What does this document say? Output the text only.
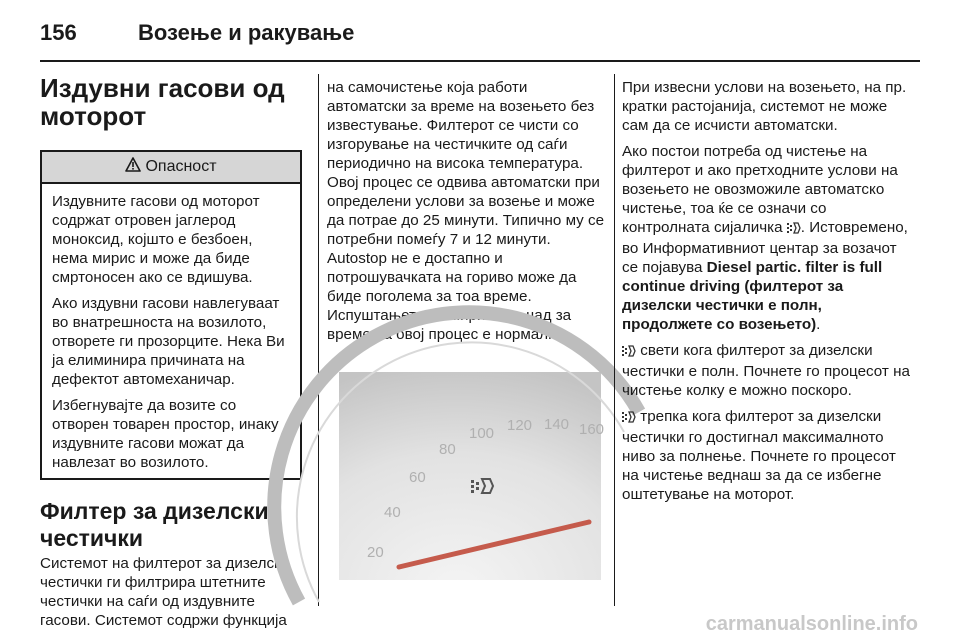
156	Возење и ракување
Издувни гасови од
моторот
Опасност

Издувните гасови од моторот содржат отровен јаглерод моноксид, којшто е безбоен, нема мирис и може да биде смртоносен ако се вдишува.

Ако издувни гасови навлегуваат во внатрешноста на возилото, отворете ги прозорците. Нека Ви ја елиминира причината на дефектот автомеханичар.

Избегнувајте да возите со отворен товарен простор, инаку издувните гасови можат да навлезат во возилото.

Филтер за дизелски
честички

Системот на филтерот за дизелски честички ги филтрира штетните честички на саѓи од издувните гасови. Системот содржи функција

на самочистење која работи автоматски за време на возењето без известување. Филтерот се чисти со изгорување на честичките од саѓи периодично на висока температура. Овој процес се одвива автоматски при определени услови за возење и може да потрае до 25 минути. Типично му се потребни помеѓу 7 и 12 минути. Autostop не е достапно и потрошувачката на гориво може да биде поголема за тоа време. Испуштањето на миризби и чад за време на овој процес е нормално.

20
40
60
80
100 120 140 160

При извесни услови на возењето, на пр. кратки растојанија, системот не може сам да се исчисти автоматски.

Ако постои потреба од чистење на филтерот и ако претходните услови на возењето не овозможиле автоматско чистење, тоа ќе се означи со контролната сијаличка . Истовремено, во Информативниот центар за возачот се појавува Diesel partic. filter is full continue driving (филтерот за дизелски честички е полн, продолжете со возењето).

свети кога филтерот за дизелски честички е полн. Почнете го процесот на чистење колку е можно поскоро.

трепка кога филтерот за дизелски честички го достигнал максималното ниво за полнење. Почнете го процесот на чистење веднаш за да се избегне оштетување на моторот.

carmanualsonline.info
